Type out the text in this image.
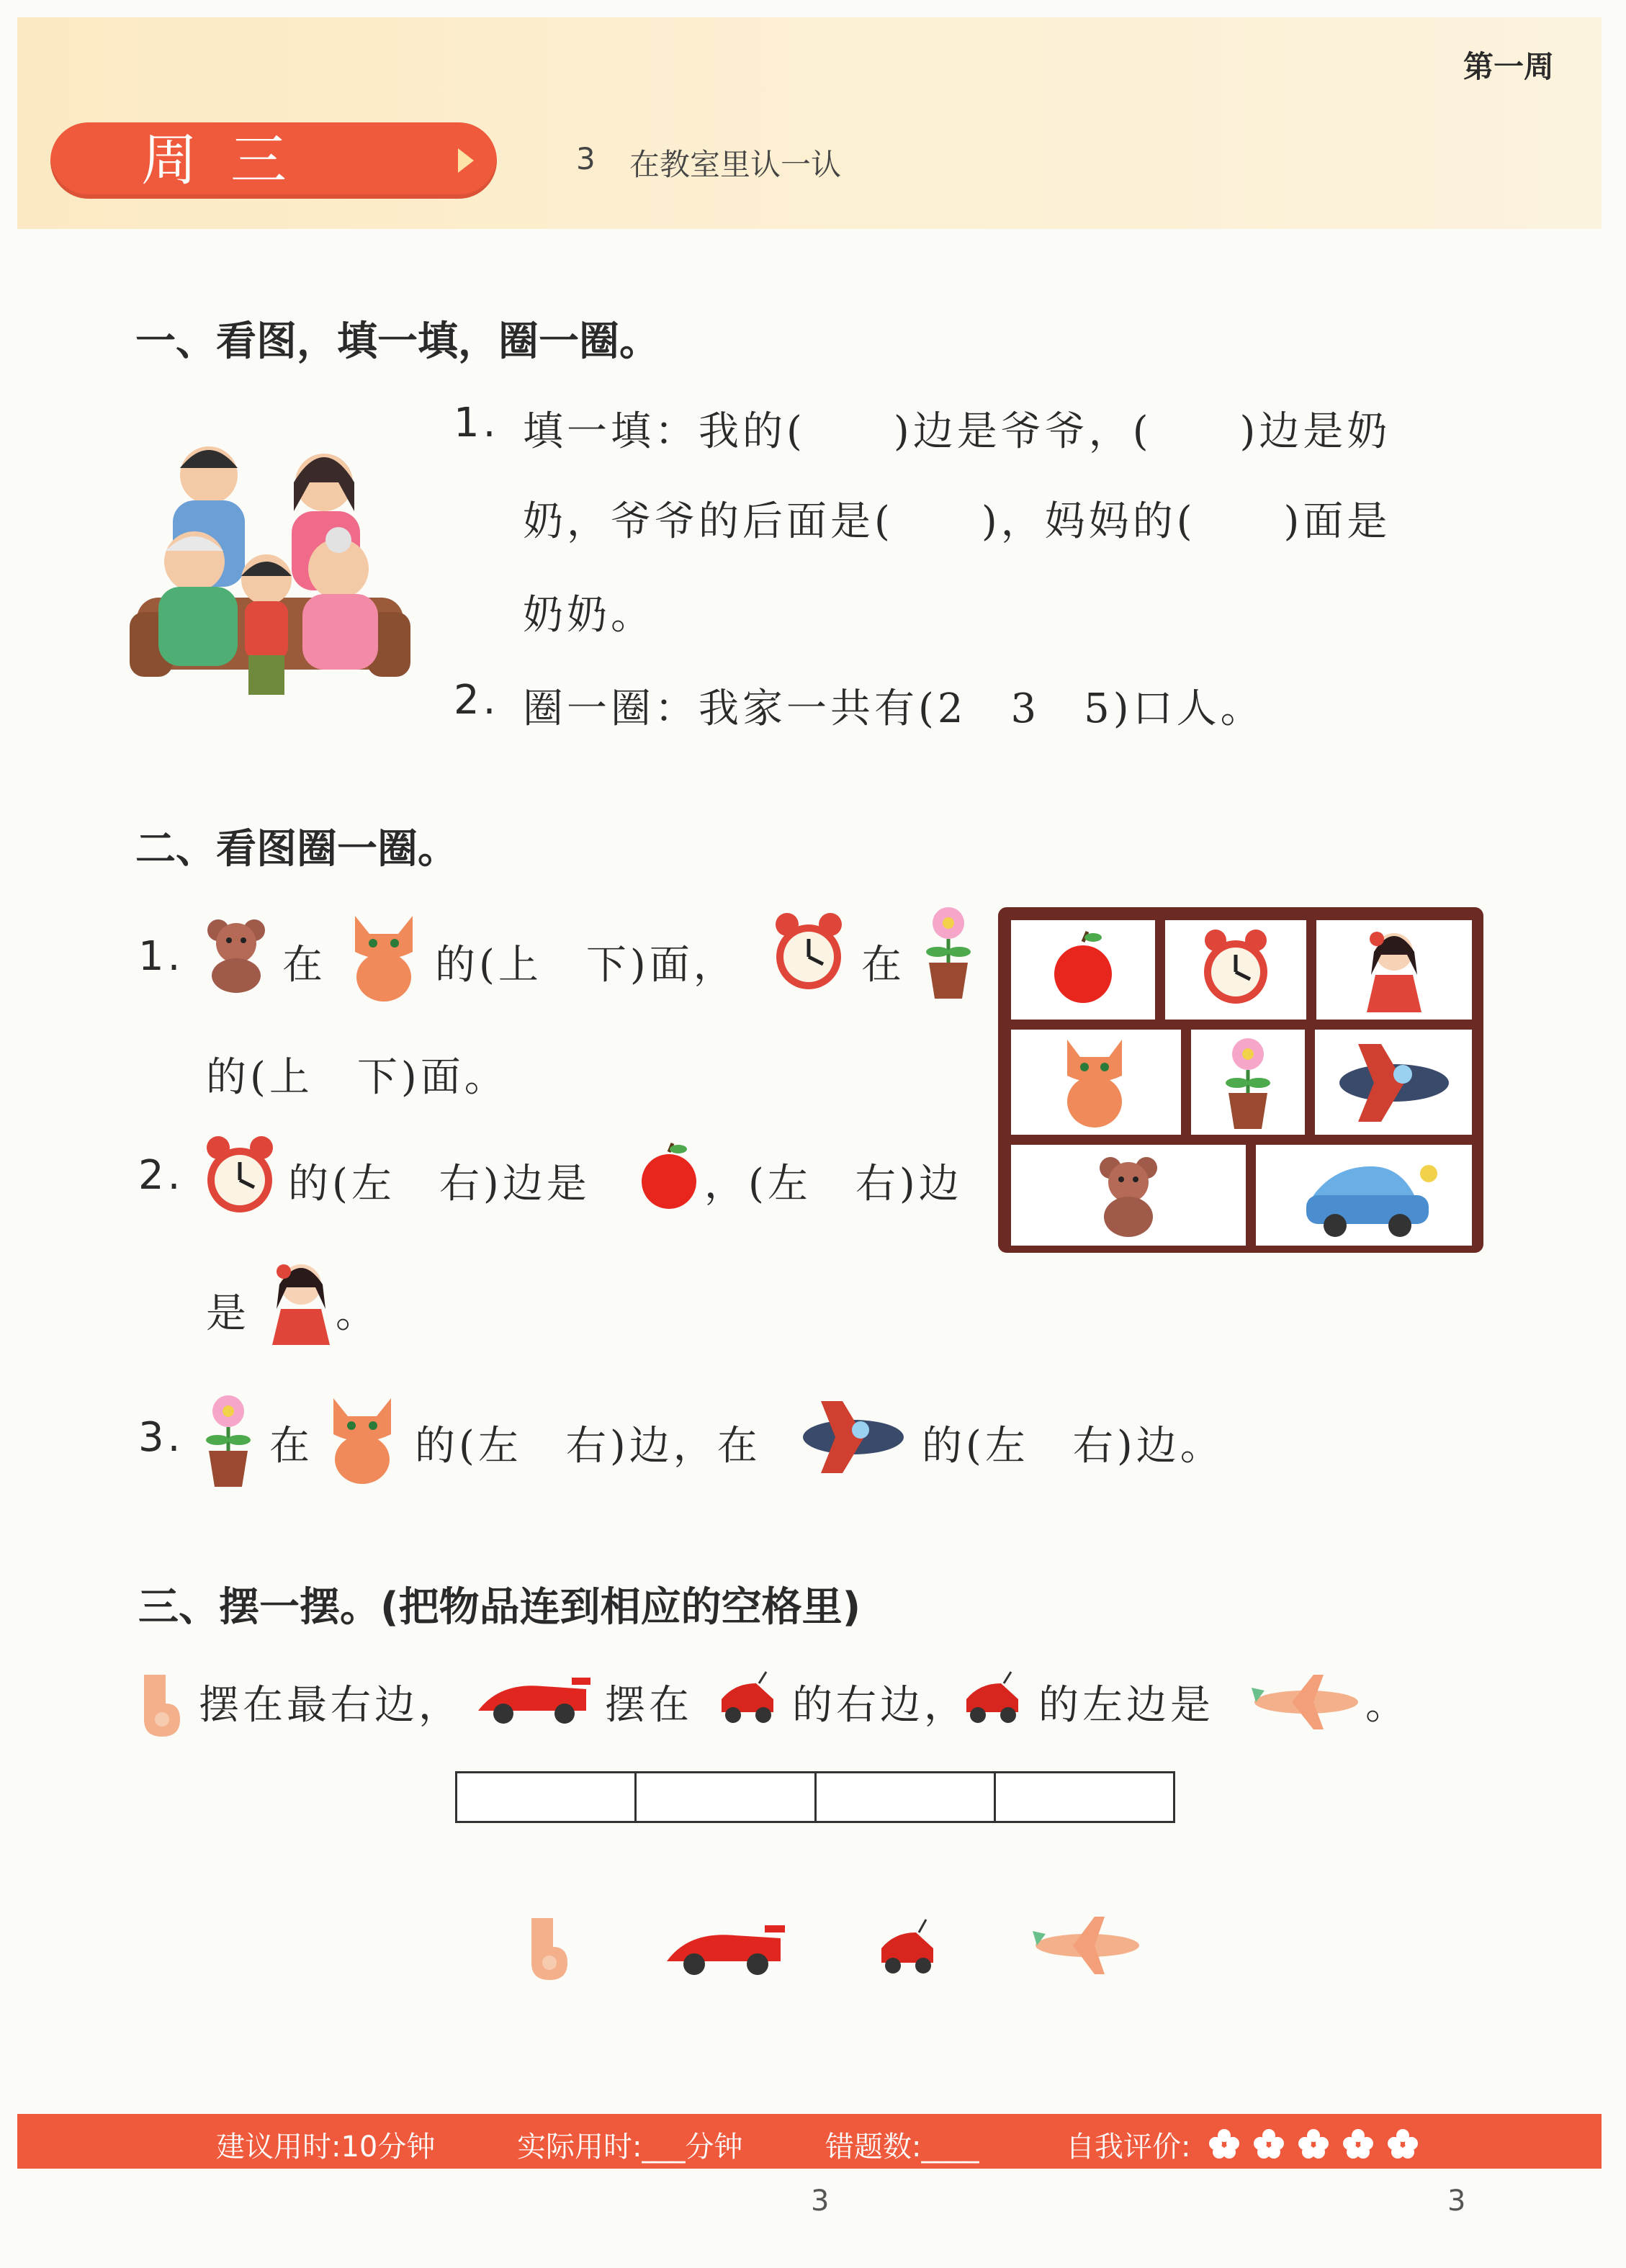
第一周
周三	3 在教室里认一认
一、看图，填一填，圈一圈。
1. 填一填：我的(　　)边是爷爷，(　　)边是奶
奶，爷爷的后面是(　　)，妈妈的(　　)面是
奶奶。
2. 圈一圈：我家一共有(2　3　5)口人。
二、看图圈一圈。
1. 在	的(上　下)面，	在
的(上　下)面。
2.	的(左　右)边是	，(左　右)边
是 。
3. 在	的(左　右)边，在	的(左　右)边。
三、摆一摆。(把物品连到相应的空格里)
摆在最右边，	摆在 的右边， 的左边是	。
建议用时:10分钟	实际用时:___分钟	错题数:____	自我评价:
3	3
